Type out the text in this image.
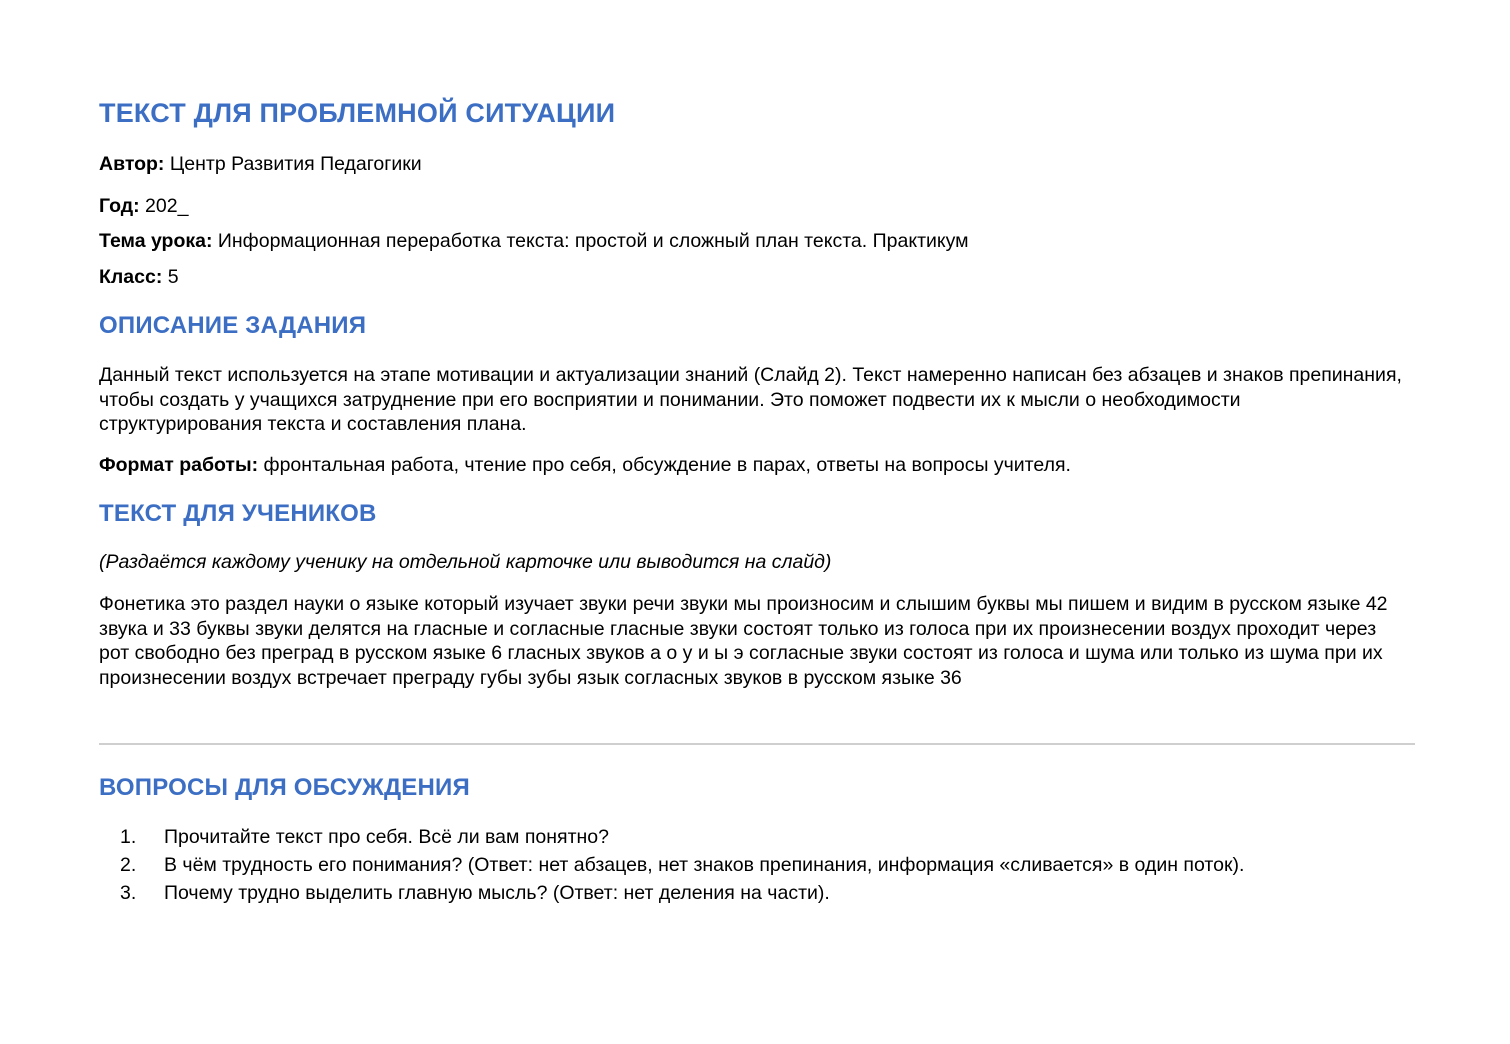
ТЕКСТ ДЛЯ ПРОБЛЕМНОЙ СИТУАЦИИ
Автор: Центр Развития Педагогики
Год: 202_
Тема урока: Информационная переработка текста: простой и сложный план текста. Практикум
Класс: 5
ОПИСАНИЕ ЗАДАНИЯ

Данный текст используется на этапе мотивации и актуализации знаний (Слайд 2). Текст намеренно написан без абзацев и знаков препинания, чтобы создать у учащихся затруднение при его восприятии и понимании. Это поможет подвести их к мысли о необходимости структурирования текста и составления плана.

Формат работы: фронтальная работа, чтение про себя, обсуждение в парах, ответы на вопросы учителя.
ТЕКСТ ДЛЯ УЧЕНИКОВ

(Раздаётся каждому ученику на отдельной карточке или выводится на слайд)

Фонетика это раздел науки о языке который изучает звуки речи звуки мы произносим и слышим буквы мы пишем и видим в русском языке 42 звука и 33 буквы звуки делятся на гласные и согласные гласные звуки состоят только из голоса при их произнесении воздух проходит через рот свободно без преград в русском языке 6 гласных звуков а о у и ы э согласные звуки состоят из голоса и шума или только из шума при их произнесении воздух встречает преграду губы зубы язык согласных звуков в русском языке 36

ВОПРОСЫ ДЛЯ ОБСУЖДЕНИЯ
1. Прочитайте текст про себя. Всё ли вам понятно?
2. В чём трудность его понимания? (Ответ: нет абзацев, нет знаков препинания, информация «сливается» в один поток).
3. Почему трудно выделить главную мысль? (Ответ: нет деления на части).
